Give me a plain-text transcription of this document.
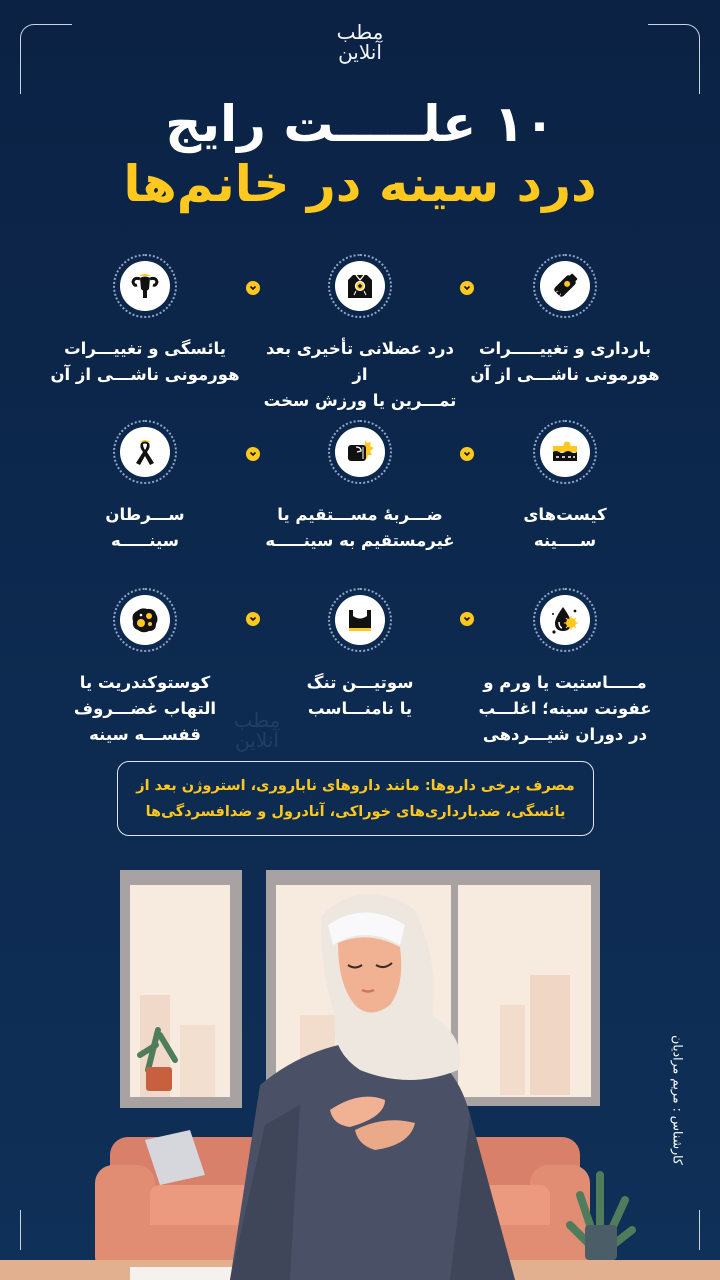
مطب
آنلاین
۱۰ علـــــت رایج
درد سینه در خانم‌ها
BC
بارداری و تغییـــــرات
هورمونی ناشـــی از آن
درد عضلانی تأخیری بعد از
تمـــرین یا ورزش سخت
یائسگی و تغییـــرات
هورمونی ناشـــی از آن
کیست‌های
ســــینه
ضـــربهٔ مســـتقیم یا
غیرمستقیم به سینـــــه
ســـرطان
سینـــــه
مـــــاستیت یا ورم و
عفونت سینه؛ اغلـــب
در دوران شیـــردهی
سوتیـــن تنگ
یا نامنـــاسب
کوستوکندریت یا
التهاب غضـــروف
قفســـه سینه
مطب
آنلاین
مصرف برخی داروها: مانند داروهای ناباروری، استروژن بعد از یائسگی، ضدبارداری‌های خوراکی، آنادرول و ضدافسردگی‌ها
کارشناس : مریم مرادیان
